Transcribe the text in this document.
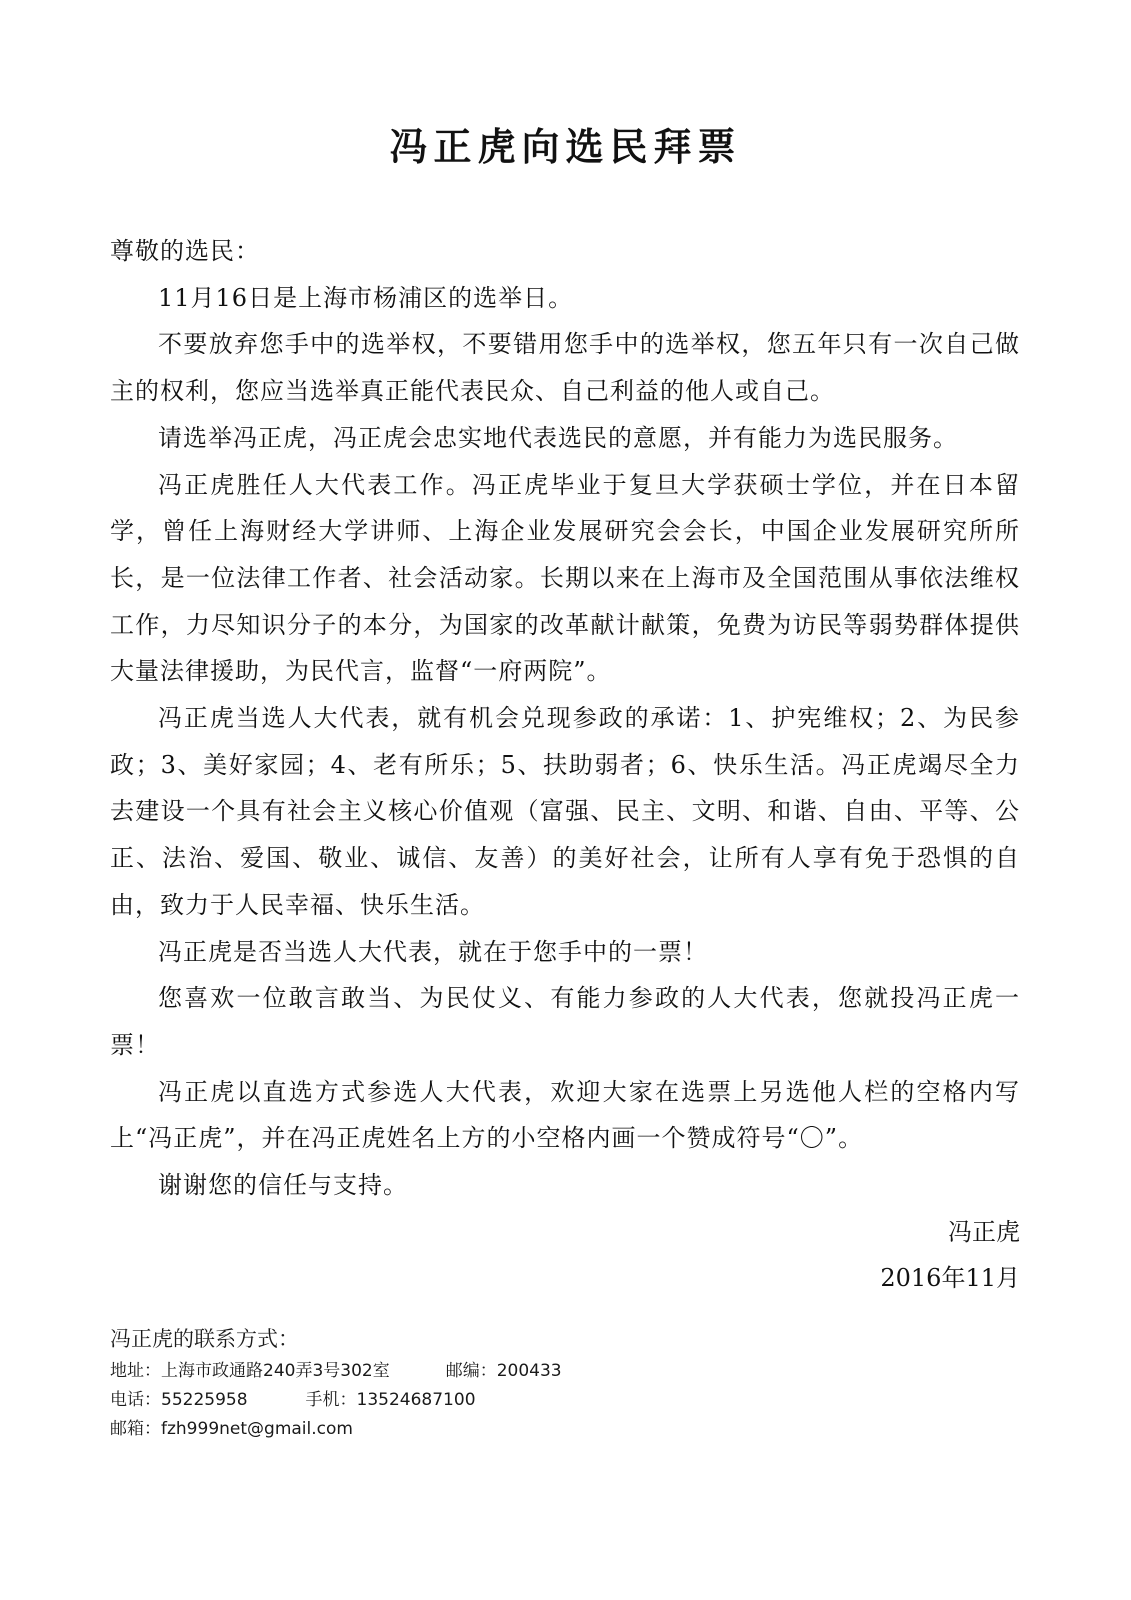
冯正虎向选民拜票

尊敬的选民：

11月16日是上海市杨浦区的选举日。

不要放弃您手中的选举权，不要错用您手中的选举权，您五年只有一次自己做主的权利，您应当选举真正能代表民众、自己利益的他人或自己。

请选举冯正虎，冯正虎会忠实地代表选民的意愿，并有能力为选民服务。

冯正虎胜任人大代表工作。冯正虎毕业于复旦大学获硕士学位，并在日本留学，曾任上海财经大学讲师、上海企业发展研究会会长，中国企业发展研究所所长，是一位法律工作者、社会活动家。长期以来在上海市及全国范围从事依法维权工作，力尽知识分子的本分，为国家的改革献计献策，免费为访民等弱势群体提供大量法律援助，为民代言，监督“一府两院”。

冯正虎当选人大代表，就有机会兑现参政的承诺：1、护宪维权；2、为民参政；3、美好家园；4、老有所乐；5、扶助弱者；6、快乐生活。冯正虎竭尽全力去建设一个具有社会主义核心价值观（富强、民主、文明、和谐、自由、平等、公正、法治、爱国、敬业、诚信、友善）的美好社会，让所有人享有免于恐惧的自由，致力于人民幸福、快乐生活。

冯正虎是否当选人大代表，就在于您手中的一票！

您喜欢一位敢言敢当、为民仗义、有能力参政的人大代表，您就投冯正虎一票！

冯正虎以直选方式参选人大代表，欢迎大家在选票上另选他人栏的空格内写上“冯正虎”，并在冯正虎姓名上方的小空格内画一个赞成符号“〇”。

谢谢您的信任与支持。

冯正虎
2016年11月
冯正虎的联系方式：
地址：上海市政通路240弄3号302室	邮编：200433
电话：55225958	手机：13524687100
邮箱：fzh999net@gmail.com
